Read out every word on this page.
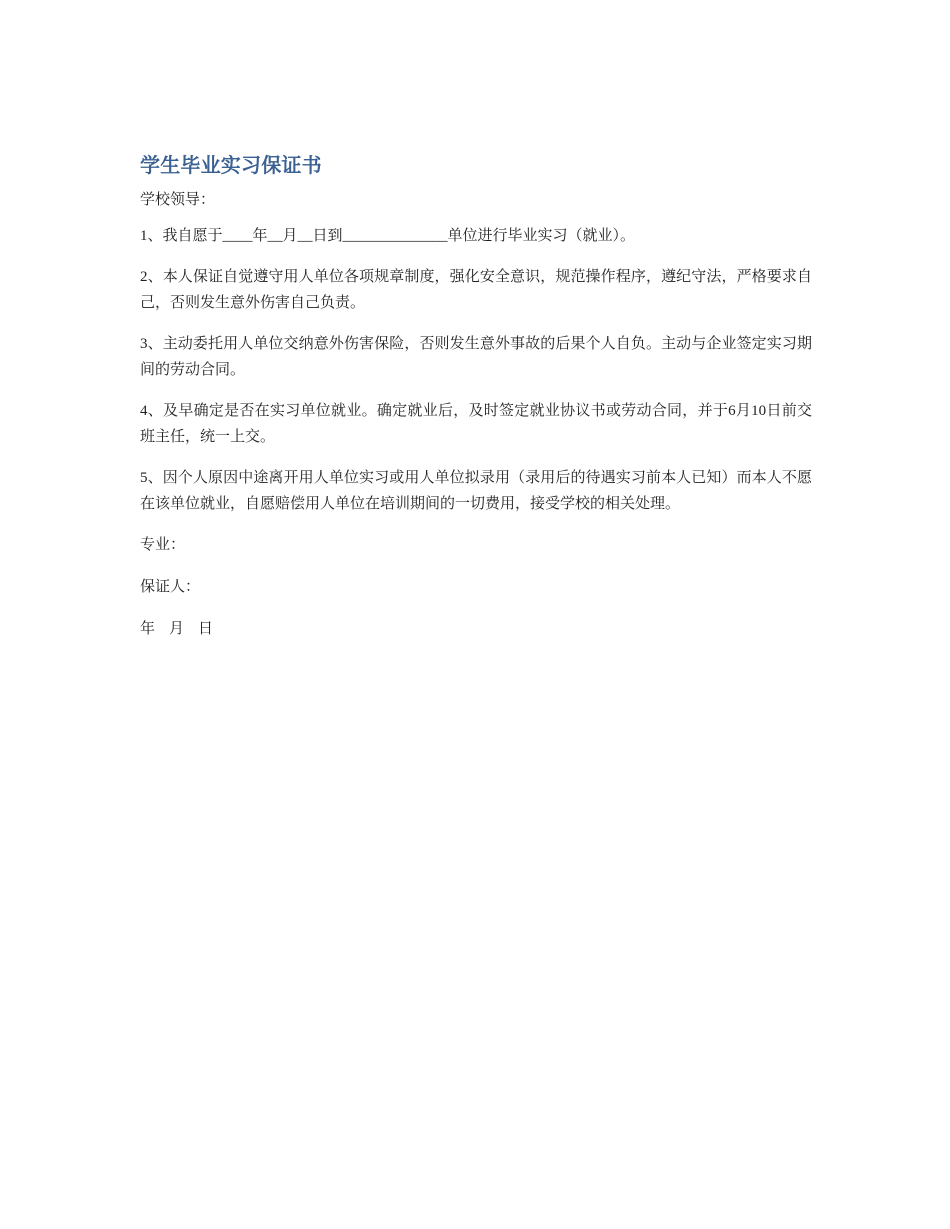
学生毕业实习保证书

学校领导：

1、我自愿于____年__月__日到______________单位进行毕业实习（就业）。

2、本人保证自觉遵守用人单位各项规章制度，强化安全意识，规范操作程序，遵纪守法，严格要求自己，否则发生意外伤害自己负责。

3、主动委托用人单位交纳意外伤害保险，否则发生意外事故的后果个人自负。主动与企业签定实习期间的劳动合同。

4、及早确定是否在实习单位就业。确定就业后，及时签定就业协议书或劳动合同，并于6月10日前交班主任，统一上交。

5、因个人原因中途离开用人单位实习或用人单位拟录用（录用后的待遇实习前本人已知）而本人不愿在该单位就业，自愿赔偿用人单位在培训期间的一切费用，接受学校的相关处理。

专业：

保证人：

年 月 日
